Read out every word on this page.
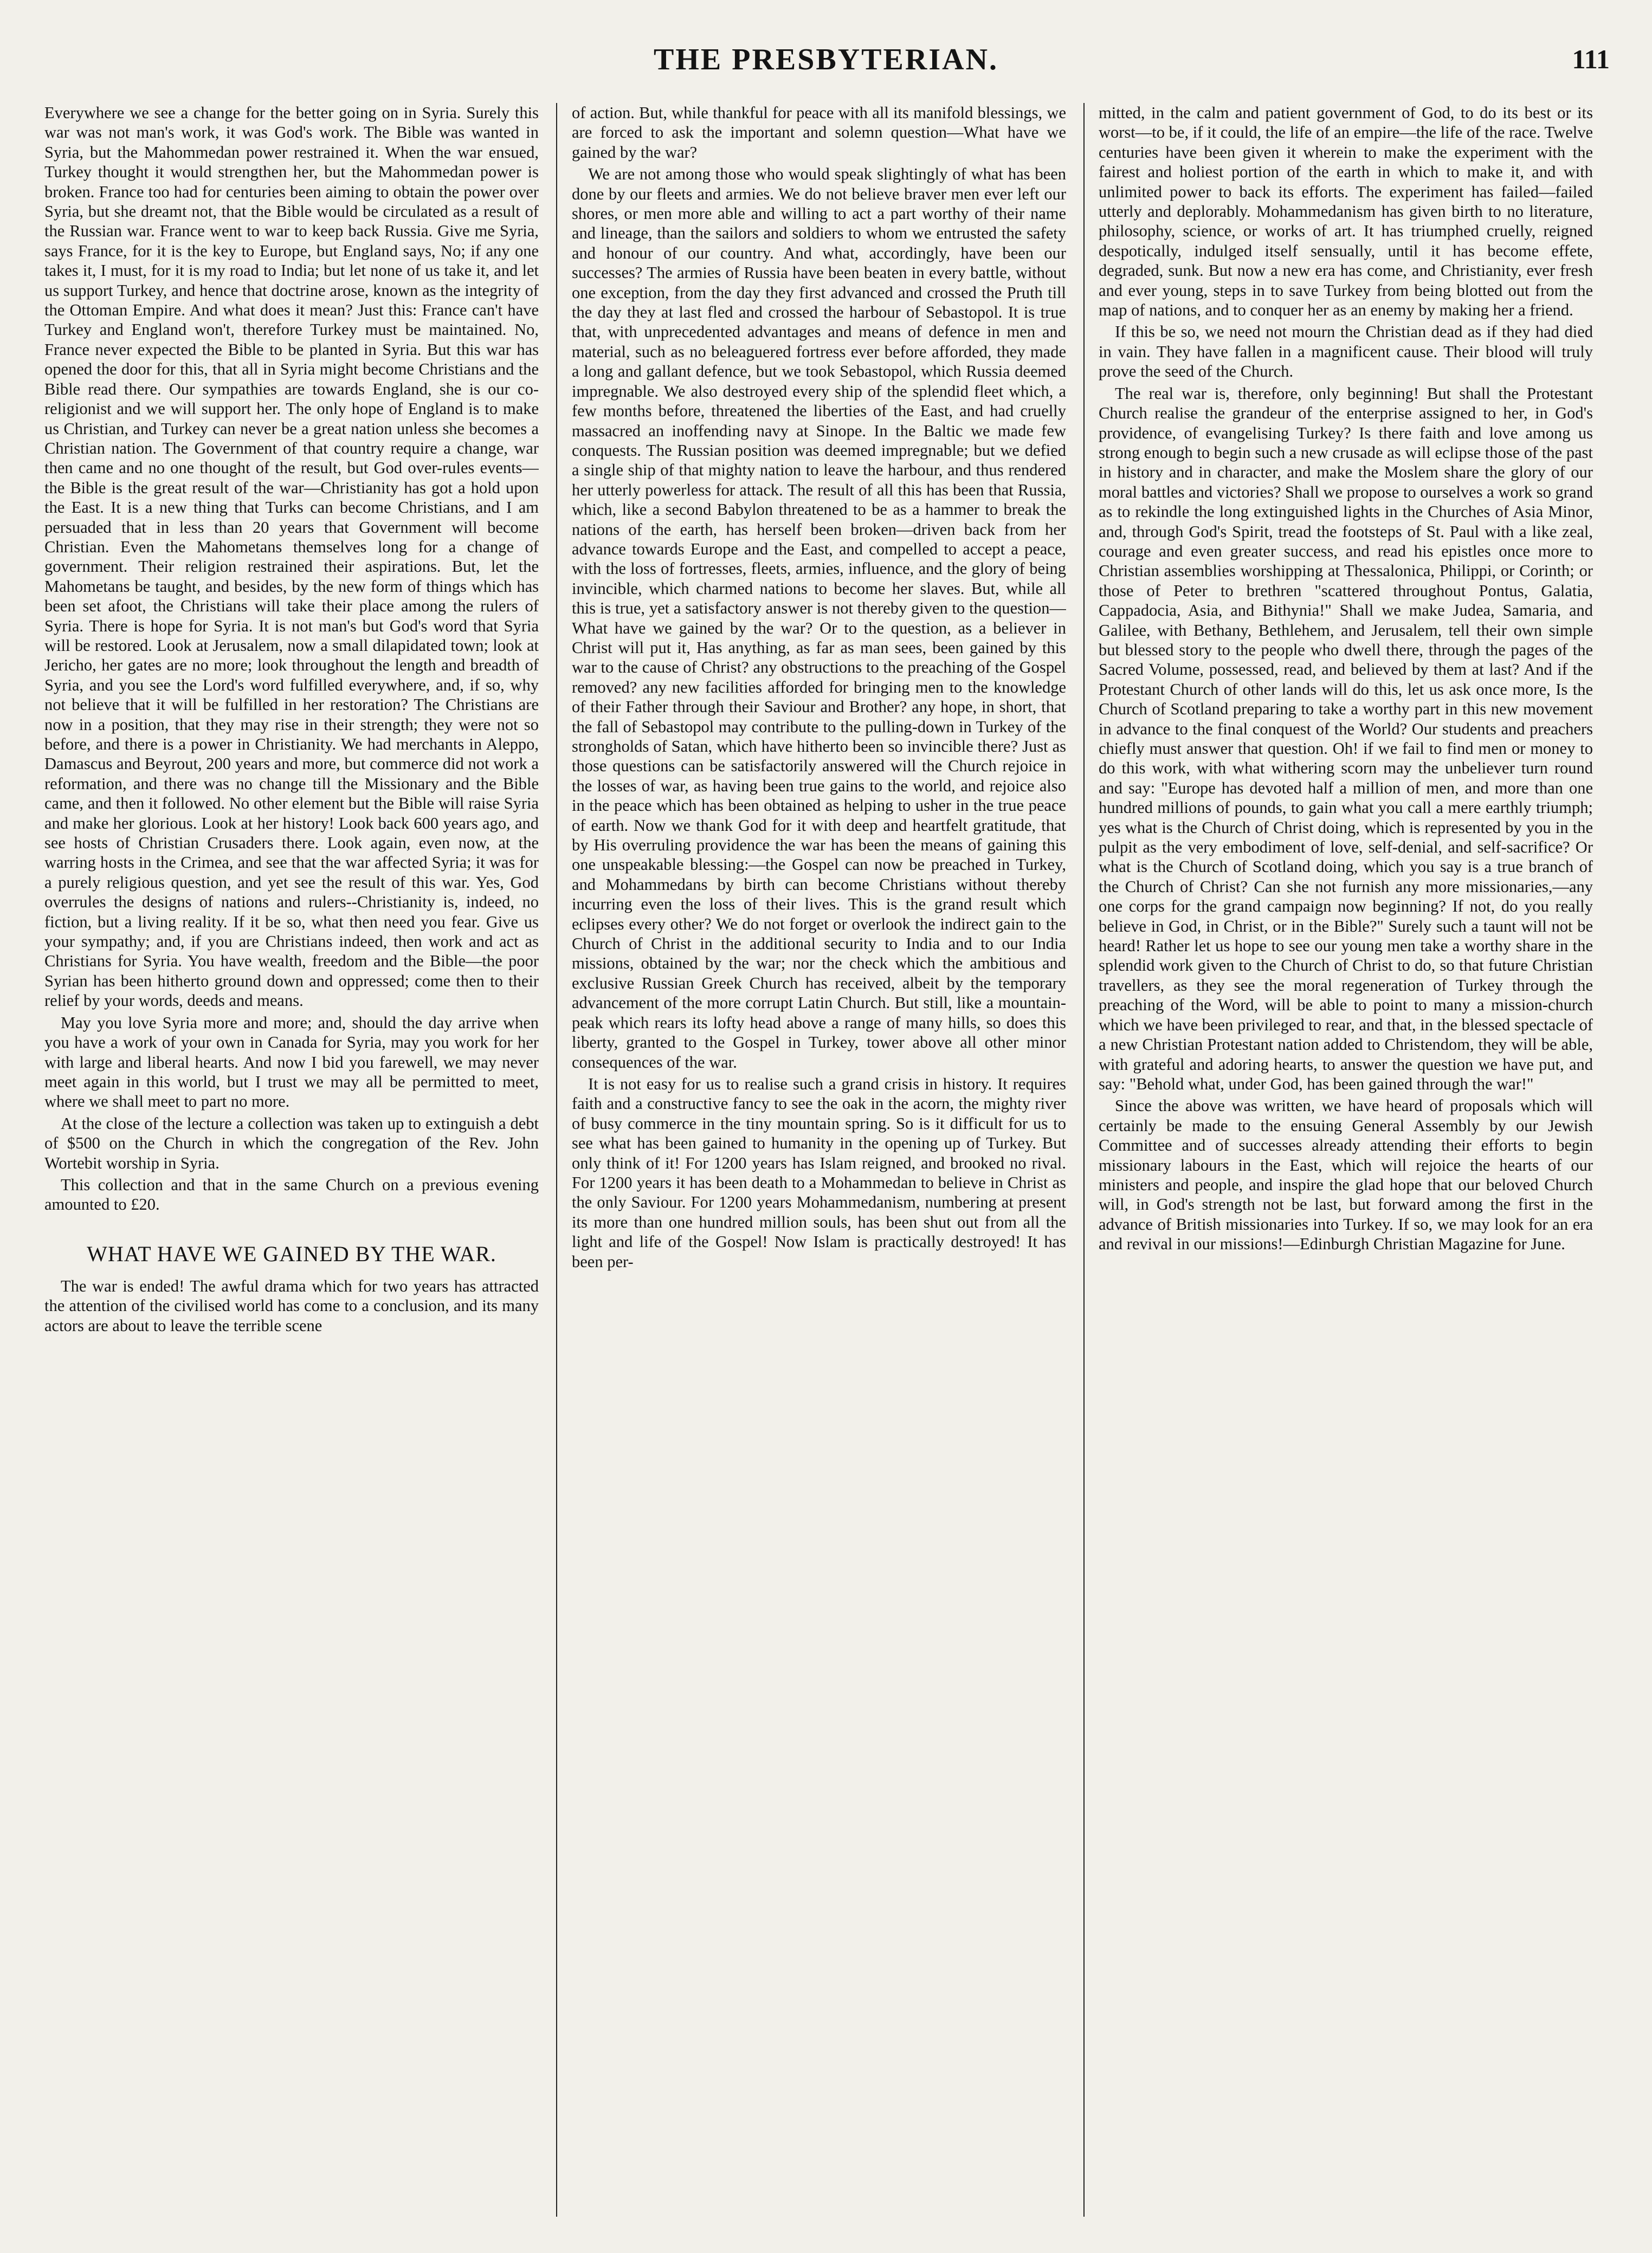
THE PRESBYTERIAN.	111

Everywhere we see a change for the better going on in Syria. Surely this war was not man's work, it was God's work. The Bible was wanted in Syria, but the Mahommedan power restrained it. When the war ensued, Turkey thought it would strengthen her, but the Mahommedan power is broken. France too had for centuries been aiming to obtain the power over Syria, but she dreamt not, that the Bible would be circulated as a result of the Russian war. France went to war to keep back Russia. Give me Syria, says France, for it is the key to Europe, but England says, No; if any one takes it, I must, for it is my road to India; but let none of us take it, and let us support Turkey, and hence that doctrine arose, known as the integrity of the Ottoman Empire. And what does it mean? Just this: France can't have Turkey and England won't, therefore Turkey must be maintained. No, France never expected the Bible to be planted in Syria. But this war has opened the door for this, that all in Syria might become Christians and the Bible read there. Our sympathies are towards England, she is our co-religionist and we will support her. The only hope of England is to make us Christian, and Turkey can never be a great nation unless she becomes a Christian nation. The Government of that country require a change, war then came and no one thought of the result, but God over-rules events—the Bible is the great result of the war—Christianity has got a hold upon the East. It is a new thing that Turks can become Christians, and I am persuaded that in less than 20 years that Government will become Christian. Even the Mahometans themselves long for a change of government. Their religion restrained their aspirations. But, let the Mahometans be taught, and besides, by the new form of things which has been set afoot, the Christians will take their place among the rulers of Syria. There is hope for Syria. It is not man's but God's word that Syria will be restored. Look at Jerusalem, now a small dilapidated town; look at Jericho, her gates are no more; look throughout the length and breadth of Syria, and you see the Lord's word fulfilled everywhere, and, if so, why not believe that it will be fulfilled in her restoration? The Christians are now in a position, that they may rise in their strength; they were not so before, and there is a power in Christianity. We had merchants in Aleppo, Damascus and Beyrout, 200 years and more, but commerce did not work a reformation, and there was no change till the Missionary and the Bible came, and then it followed. No other element but the Bible will raise Syria and make her glorious. Look at her history! Look back 600 years ago, and see hosts of Christian Crusaders there. Look again, even now, at the warring hosts in the Crimea, and see that the war affected Syria; it was for a purely religious question, and yet see the result of this war. Yes, God overrules the designs of nations and rulers--Christianity is, indeed, no fiction, but a living reality. If it be so, what then need you fear. Give us your sympathy; and, if you are Christians indeed, then work and act as Christians for Syria. You have wealth, freedom and the Bible—the poor Syrian has been hitherto ground down and oppressed; come then to their relief by your words, deeds and means.

May you love Syria more and more; and, should the day arrive when you have a work of your own in Canada for Syria, may you work for her with large and liberal hearts. And now I bid you farewell, we may never meet again in this world, but I trust we may all be permitted to meet, where we shall meet to part no more.

At the close of the lecture a collection was taken up to extinguish a debt of $500 on the Church in which the congregation of the Rev. John Wortebit worship in Syria.

This collection and that in the same Church on a previous evening amounted to £20.

WHAT HAVE WE GAINED BY THE WAR.

The war is ended! The awful drama which for two years has attracted the attention of the civilised world has come to a conclusion, and its many actors are about to leave the terrible scene

of action. But, while thankful for peace with all its manifold blessings, we are forced to ask the important and solemn question—What have we gained by the war?

We are not among those who would speak slightingly of what has been done by our fleets and armies. We do not believe braver men ever left our shores, or men more able and willing to act a part worthy of their name and lineage, than the sailors and soldiers to whom we entrusted the safety and honour of our country. And what, accordingly, have been our successes? The armies of Russia have been beaten in every battle, without one exception, from the day they first advanced and crossed the Pruth till the day they at last fled and crossed the harbour of Sebastopol. It is true that, with unprecedented advantages and means of defence in men and material, such as no beleaguered fortress ever before afforded, they made a long and gallant defence, but we took Sebastopol, which Russia deemed impregnable. We also destroyed every ship of the splendid fleet which, a few months before, threatened the liberties of the East, and had cruelly massacred an inoffending navy at Sinope. In the Baltic we made few conquests. The Russian position was deemed impregnable; but we defied a single ship of that mighty nation to leave the harbour, and thus rendered her utterly powerless for attack. The result of all this has been that Russia, which, like a second Babylon threatened to be as a hammer to break the nations of the earth, has herself been broken—driven back from her advance towards Europe and the East, and compelled to accept a peace, with the loss of fortresses, fleets, armies, influence, and the glory of being invincible, which charmed nations to become her slaves. But, while all this is true, yet a satisfactory answer is not thereby given to the question—What have we gained by the war? Or to the question, as a believer in Christ will put it, Has anything, as far as man sees, been gained by this war to the cause of Christ? any obstructions to the preaching of the Gospel removed? any new facilities afforded for bringing men to the knowledge of their Father through their Saviour and Brother? any hope, in short, that the fall of Sebastopol may contribute to the pulling-down in Turkey of the strongholds of Satan, which have hitherto been so invincible there? Just as those questions can be satisfactorily answered will the Church rejoice in the losses of war, as having been true gains to the world, and rejoice also in the peace which has been obtained as helping to usher in the true peace of earth. Now we thank God for it with deep and heartfelt gratitude, that by His overruling providence the war has been the means of gaining this one unspeakable blessing:—the Gospel can now be preached in Turkey, and Mohammedans by birth can become Christians without thereby incurring even the loss of their lives. This is the grand result which eclipses every other? We do not forget or overlook the indirect gain to the Church of Christ in the additional security to India and to our India missions, obtained by the war; nor the check which the ambitious and exclusive Russian Greek Church has received, albeit by the temporary advancement of the more corrupt Latin Church. But still, like a mountain-peak which rears its lofty head above a range of many hills, so does this liberty, granted to the Gospel in Turkey, tower above all other minor consequences of the war.

It is not easy for us to realise such a grand crisis in history. It requires faith and a constructive fancy to see the oak in the acorn, the mighty river of busy commerce in the tiny mountain spring. So is it difficult for us to see what has been gained to humanity in the opening up of Turkey. But only think of it! For 1200 years has Islam reigned, and brooked no rival. For 1200 years it has been death to a Mohammedan to believe in Christ as the only Saviour. For 1200 years Mohammedanism, numbering at present its more than one hundred million souls, has been shut out from all the light and life of the Gospel! Now Islam is practically destroyed! It has been per-

mitted, in the calm and patient government of God, to do its best or its worst—to be, if it could, the life of an empire—the life of the race. Twelve centuries have been given it wherein to make the experiment with the fairest and holiest portion of the earth in which to make it, and with unlimited power to back its efforts. The experiment has failed—failed utterly and deplorably. Mohammedanism has given birth to no literature, philosophy, science, or works of art. It has triumphed cruelly, reigned despotically, indulged itself sensually, until it has become effete, degraded, sunk. But now a new era has come, and Christianity, ever fresh and ever young, steps in to save Turkey from being blotted out from the map of nations, and to conquer her as an enemy by making her a friend.

If this be so, we need not mourn the Christian dead as if they had died in vain. They have fallen in a magnificent cause. Their blood will truly prove the seed of the Church.

The real war is, therefore, only beginning! But shall the Protestant Church realise the grandeur of the enterprise assigned to her, in God's providence, of evangelising Turkey? Is there faith and love among us strong enough to begin such a new crusade as will eclipse those of the past in history and in character, and make the Moslem share the glory of our moral battles and victories? Shall we propose to ourselves a work so grand as to rekindle the long extinguished lights in the Churches of Asia Minor, and, through God's Spirit, tread the footsteps of St. Paul with a like zeal, courage and even greater success, and read his epistles once more to Christian assemblies worshipping at Thessalonica, Philippi, or Corinth; or those of Peter to brethren "scattered throughout Pontus, Galatia, Cappadocia, Asia, and Bithynia!" Shall we make Judea, Samaria, and Galilee, with Bethany, Bethlehem, and Jerusalem, tell their own simple but blessed story to the people who dwell there, through the pages of the Sacred Volume, possessed, read, and believed by them at last? And if the Protestant Church of other lands will do this, let us ask once more, Is the Church of Scotland preparing to take a worthy part in this new movement in advance to the final conquest of the World? Our students and preachers chiefly must answer that question. Oh! if we fail to find men or money to do this work, with what withering scorn may the unbeliever turn round and say: "Europe has devoted half a million of men, and more than one hundred millions of pounds, to gain what you call a mere earthly triumph; yes what is the Church of Christ doing, which is represented by you in the pulpit as the very embodiment of love, self-denial, and self-sacrifice? Or what is the Church of Scotland doing, which you say is a true branch of the Church of Christ? Can she not furnish any more missionaries,—any one corps for the grand campaign now beginning? If not, do you really believe in God, in Christ, or in the Bible?" Surely such a taunt will not be heard! Rather let us hope to see our young men take a worthy share in the splendid work given to the Church of Christ to do, so that future Christian travellers, as they see the moral regeneration of Turkey through the preaching of the Word, will be able to point to many a mission-church which we have been privileged to rear, and that, in the blessed spectacle of a new Christian Protestant nation added to Christendom, they will be able, with grateful and adoring hearts, to answer the question we have put, and say: "Behold what, under God, has been gained through the war!"

Since the above was written, we have heard of proposals which will certainly be made to the ensuing General Assembly by our Jewish Committee and of successes already attending their efforts to begin missionary labours in the East, which will rejoice the hearts of our ministers and people, and inspire the glad hope that our beloved Church will, in God's strength not be last, but forward among the first in the advance of British missionaries into Turkey. If so, we may look for an era and revival in our missions!—Edinburgh Christian Magazine for June.
